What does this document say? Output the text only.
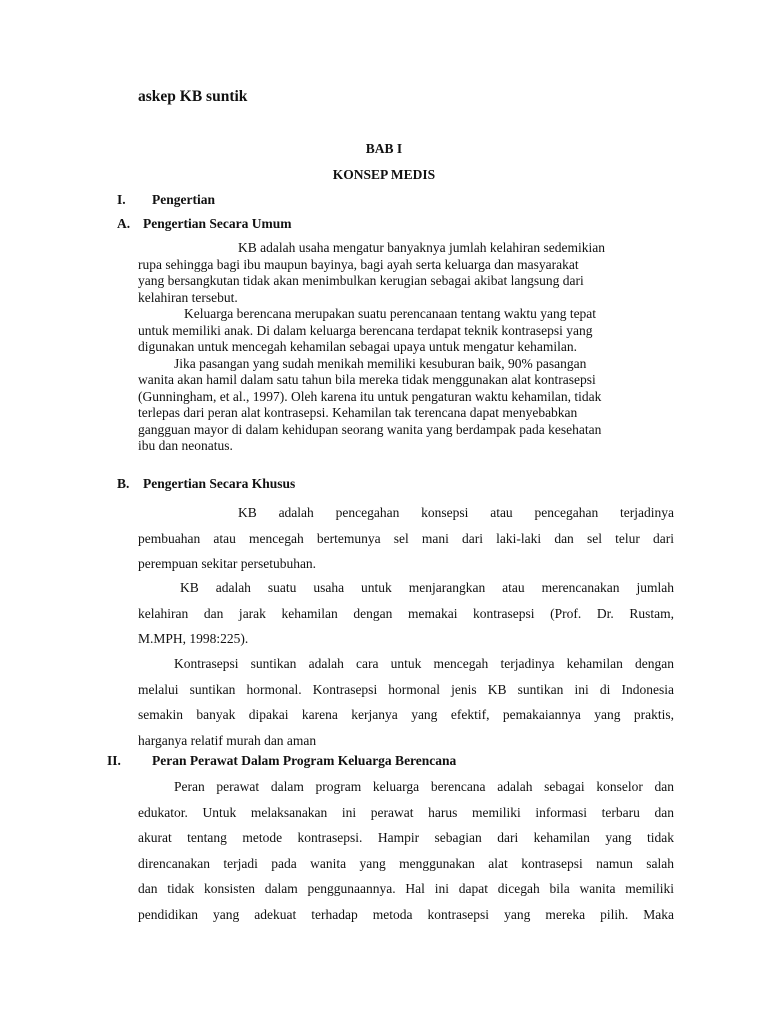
askep KB suntik
BAB I
KONSEP MEDIS
I. Pengertian
A. Pengertian Secara Umum
KB adalah usaha mengatur banyaknya jumlah kelahiran sedemikian
rupa sehingga bagi ibu maupun bayinya, bagi ayah serta keluarga dan masyarakat
yang bersangkutan tidak akan menimbulkan kerugian sebagai akibat langsung dari
kelahiran tersebut.
Keluarga berencana merupakan suatu perencanaan tentang waktu yang tepat
untuk memiliki anak. Di dalam keluarga berencana terdapat teknik kontrasepsi yang
digunakan untuk mencegah kehamilan sebagai upaya untuk mengatur kehamilan.
Jika pasangan yang sudah menikah memiliki kesuburan baik, 90% pasangan
wanita akan hamil dalam satu tahun bila mereka tidak menggunakan alat kontrasepsi
(Gunningham, et al., 1997). Oleh karena itu untuk pengaturan waktu kehamilan, tidak
terlepas dari peran alat kontrasepsi. Kehamilan tak terencana dapat menyebabkan
gangguan mayor di dalam kehidupan seorang wanita yang berdampak pada kesehatan
ibu dan neonatus.
B. Pengertian Secara Khusus
KB adalah pencegahan konsepsi atau pencegahan terjadinya
pembuahan atau mencegah bertemunya sel mani dari laki-laki dan sel telur dari
perempuan sekitar persetubuhan.
KB adalah suatu usaha untuk menjarangkan atau merencanakan jumlah
kelahiran dan jarak kehamilan dengan memakai kontrasepsi (Prof. Dr. Rustam,
M.MPH, 1998:225).
Kontrasepsi suntikan adalah cara untuk mencegah terjadinya kehamilan dengan
melalui suntikan hormonal. Kontrasepsi hormonal jenis KB suntikan ini di Indonesia
semakin banyak dipakai karena kerjanya yang efektif, pemakaiannya yang praktis,
harganya relatif murah dan aman
II. Peran Perawat Dalam Program Keluarga Berencana
Peran perawat dalam program keluarga berencana adalah sebagai konselor dan
edukator. Untuk melaksanakan ini perawat harus memiliki informasi terbaru dan
akurat tentang metode kontrasepsi. Hampir sebagian dari kehamilan yang tidak
direncanakan terjadi pada wanita yang menggunakan alat kontrasepsi namun salah
dan tidak konsisten dalam penggunaannya. Hal ini dapat dicegah bila wanita memiliki
pendidikan yang adekuat terhadap metoda kontrasepsi yang mereka pilih. Maka
